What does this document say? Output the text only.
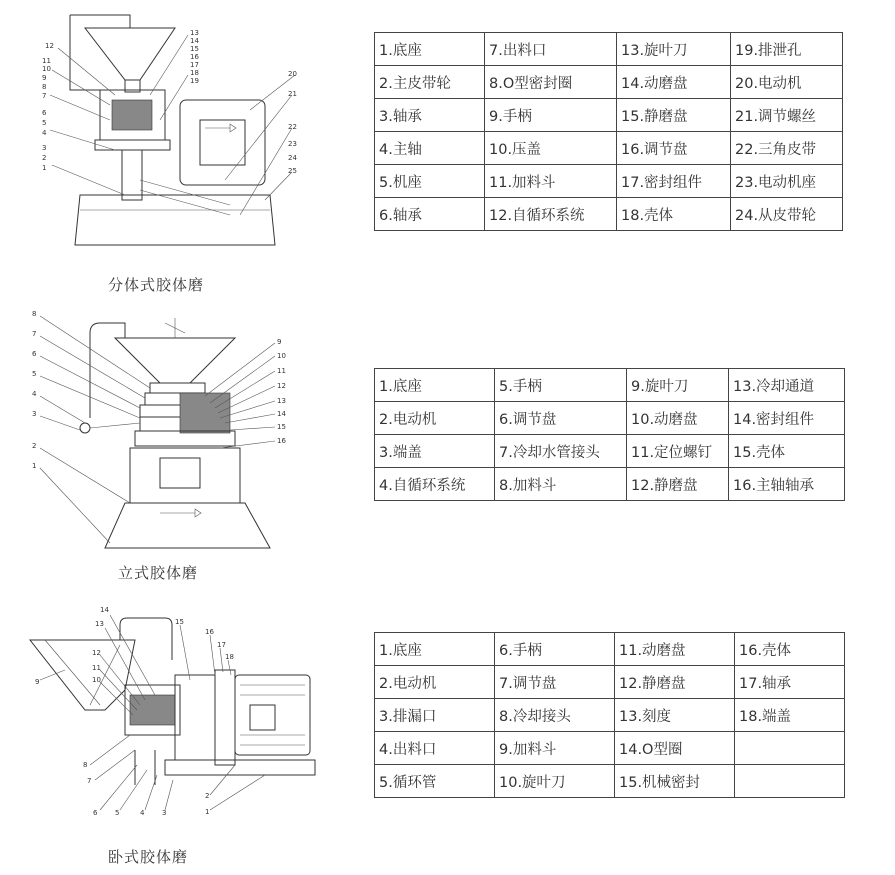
12
13
14
15
16
17
18
19
11
10
9
8
7
6
5
4
3
2
1
20
21
22
23
24
25
分体式胶体磨
1.底座	7.出料口	13.旋叶刀	19.排泄孔
2.主皮带轮	8.O型密封圈	14.动磨盘	20.电动机
3.轴承	9.手柄	15.静磨盘	21.调节螺丝
4.主轴	10.压盖	16.调节盘	22.三角皮带
5.机座	11.加料斗	17.密封组件	23.电动机座
6.轴承	12.自循环系统	18.壳体	24.从皮带轮
8
7
6
5
4
3
2
1
9
10
11
12
13
14
15
16
立式胶体磨
1.底座	5.手柄	9.旋叶刀	13.冷却通道
2.电动机	6.调节盘	10.动磨盘	14.密封组件
3.端盖	7.冷却水管接头	11.定位螺钉	15.壳体
4.自循环系统	8.加料斗	12.静磨盘	16.主轴轴承
14
13
12
11
10
9
8
7
6	5	4	3
2
1
15
16
17
18
卧式胶体磨
1.底座	6.手柄	11.动磨盘	16.壳体
2.电动机	7.调节盘	12.静磨盘	17.轴承
3.排漏口	8.冷却接头	13.刻度	18.端盖
4.出料口	9.加料斗	14.O型圈	
5.循环管	10.旋叶刀	15.机械密封	
